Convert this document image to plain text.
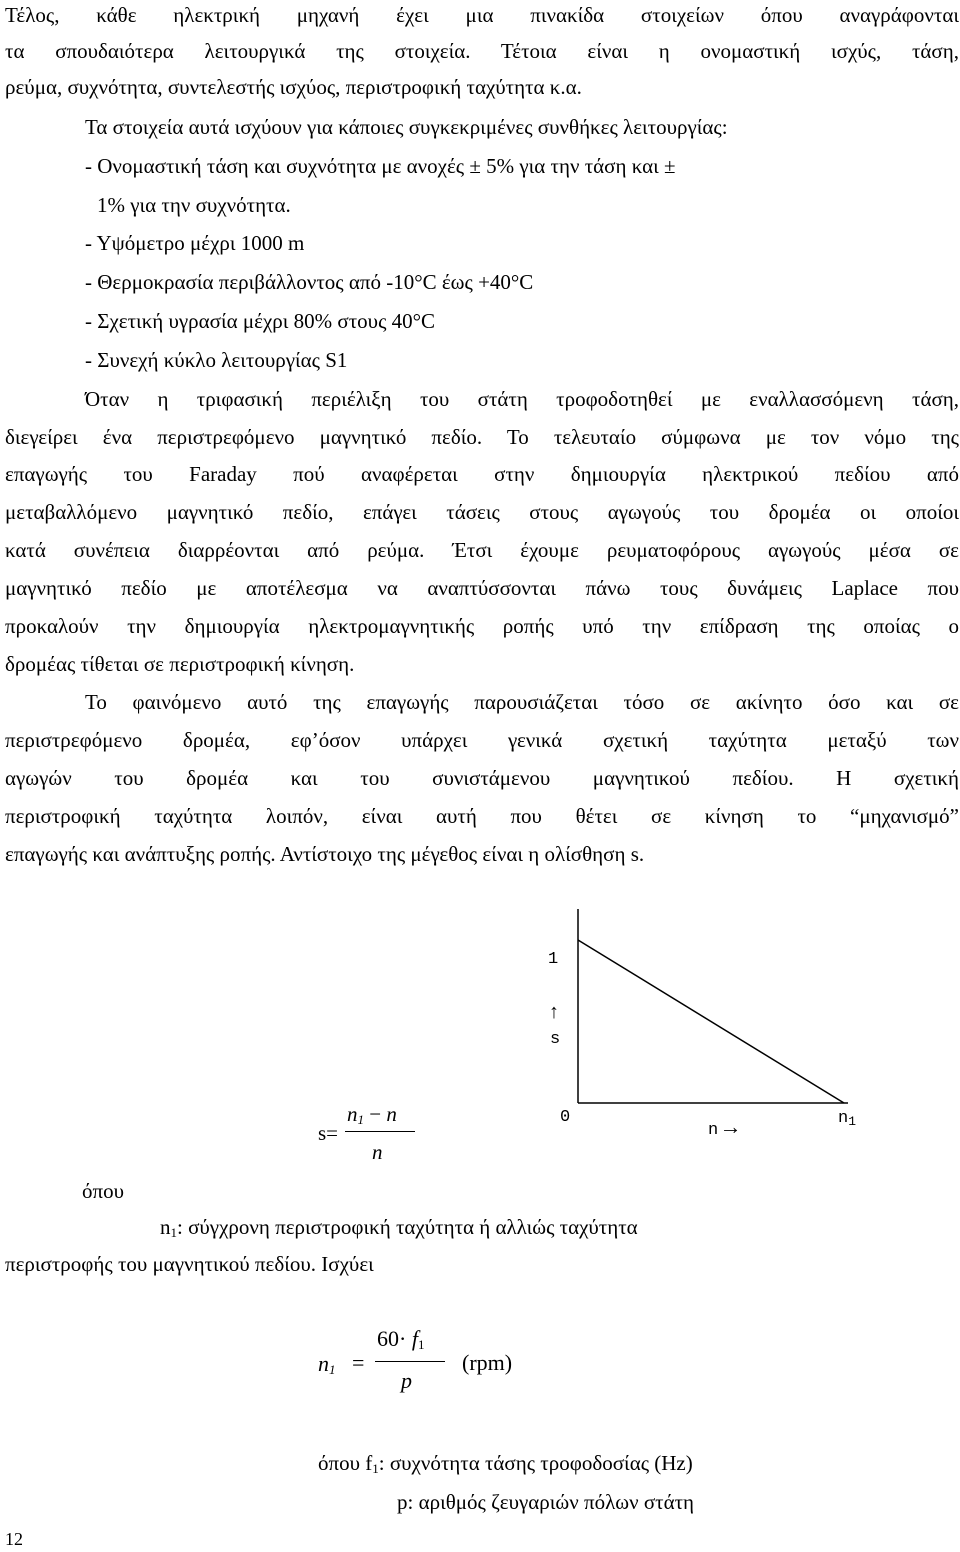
Τέλος, κάθε ηλεκτρική μηχανή έχει μια πινακίδα στοιχείων όπου αναγράφονται
τα σπουδαιότερα λειτουργικά της στοιχεία. Τέτοια είναι η ονομαστική ισχύς, τάση,
ρεύμα, συχνότητα, συντελεστής ισχύος, περιστροφική ταχύτητα κ.α.
Τα στοιχεία αυτά ισχύουν για κάποιες συγκεκριμένες συνθήκες λειτουργίας:
- Ονομαστική τάση και συχνότητα με ανοχές ± 5% για την τάση και ±
1% για την συχνότητα.
- Υψόμετρο μέχρι 1000 m
- Θερμοκρασία περιβάλλοντος από -10°C έως +40°C
- Σχετική υγρασία μέχρι 80% στους 40°C
- Συνεχή κύκλο λειτουργίας S1
Όταν η τριφασική περιέλιξη του στάτη τροφοδοτηθεί με εναλλασσόμενη τάση,
διεγείρει ένα περιστρεφόμενο μαγνητικό πεδίο. Το τελευταίο σύμφωνα με τον νόμο της
επαγωγής του Faraday πού αναφέρεται στην δημιουργία ηλεκτρικού πεδίου από
μεταβαλλόμενο μαγνητικό πεδίο, επάγει τάσεις στους αγωγούς του δρομέα οι οποίοι
κατά συνέπεια διαρρέονται από ρεύμα. Έτσι έχουμε ρευματοφόρους αγωγούς μέσα σε
μαγνητικό πεδίο με αποτέλεσμα να αναπτύσσονται πάνω τους δυνάμεις Laplace που
προκαλούν την δημιουργία ηλεκτρομαγνητικής ροπής υπό την επίδραση της οποίας ο
δρομέας τίθεται σε περιστροφική κίνηση.
Το φαινόμενο αυτό της επαγωγής παρουσιάζεται τόσο σε ακίνητο όσο και σε
περιστρεφόμενο δρομέα, εφ’όσον υπάρχει γενικά σχετική ταχύτητα μεταξύ των
αγωγών του δρομέα και του συνιστάμενου μαγνητικού πεδίου. Η σχετική
περιστροφική ταχύτητα λοιπόν, είναι αυτή που θέτει σε κίνηση το “μηχανισμό”
επαγωγής και ανάπτυξης ροπής. Αντίστοιχο της μέγεθος είναι η ολίσθηση s.
1
↑
s
0
n →	$n_1$
s=
$n_1 - n$
n
όπου
$n_1$: σύγχρονη περιστροφική ταχύτητα ή αλλιώς ταχύτητα
περιστροφής του μαγνητικού πεδίου. Ισχύει
$n_1$ =
$60\cdot f_1$
p
(rpm)
όπου $f_1$: συχνότητα τάσης τροφοδοσίας (Hz)
p: αριθμός ζευγαριών πόλων στάτη
12
